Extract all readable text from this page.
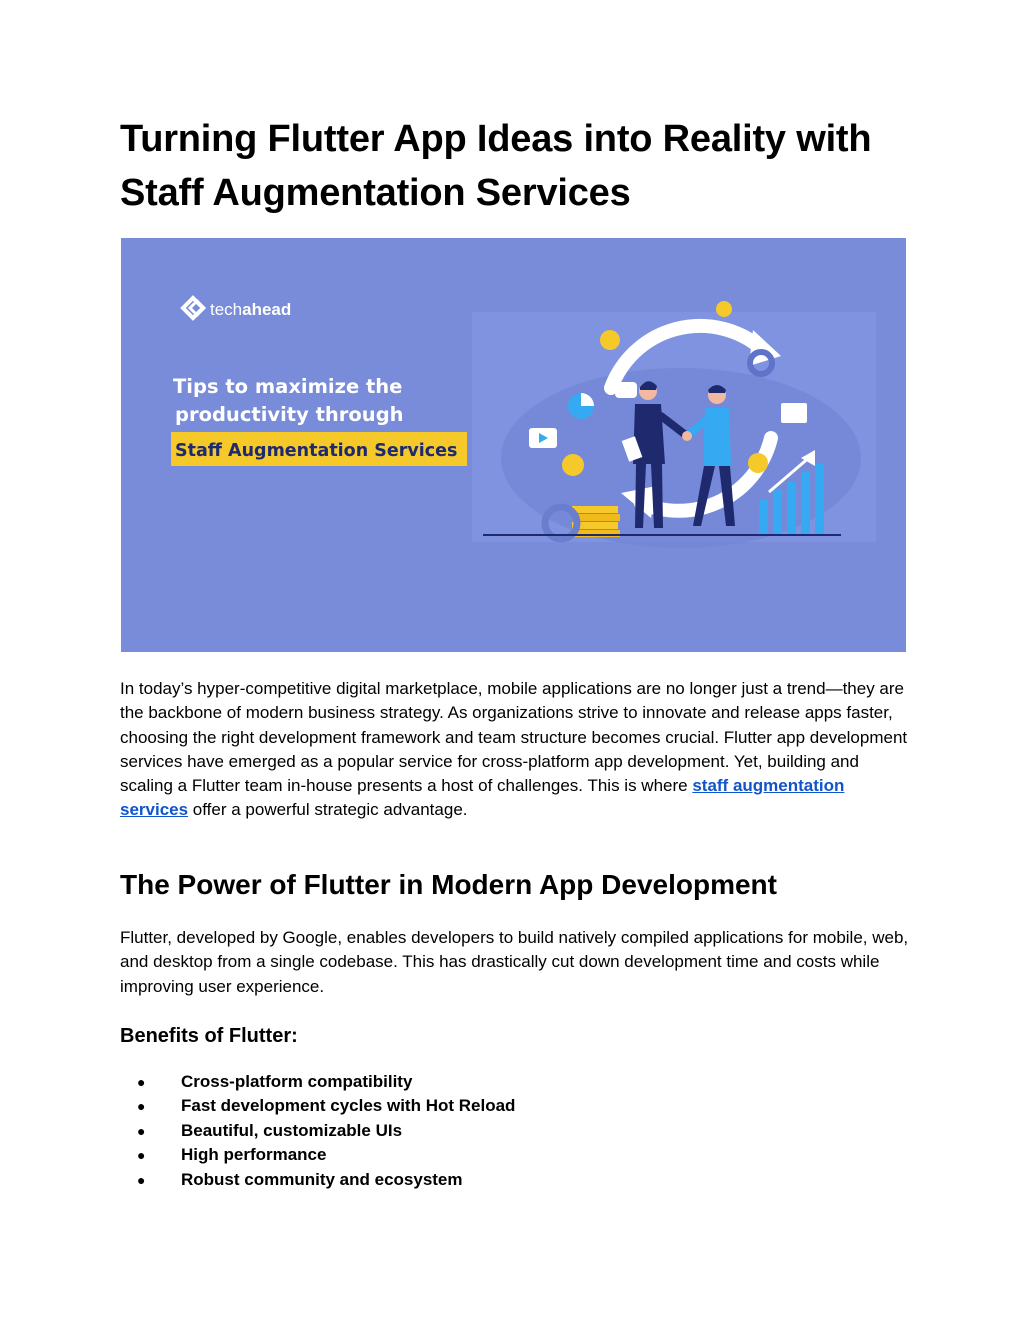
Turning Flutter App Ideas into Reality with Staff Augmentation Services
techahead
Tips to maximize the
productivity through
Staff Augmentation Services

In today’s hyper-competitive digital marketplace, mobile applications are no longer just a trend—they are the backbone of modern business strategy. As organizations strive to innovate and release apps faster, choosing the right development framework and team structure becomes crucial. Flutter app development services have emerged as a popular service for cross-platform app development. Yet, building and scaling a Flutter team in-house presents a host of challenges. This is where staff augmentation services offer a powerful strategic advantage.

The Power of Flutter in Modern App Development

Flutter, developed by Google, enables developers to build natively compiled applications for mobile, web, and desktop from a single codebase. This has drastically cut down development time and costs while improving user experience.

Benefits of Flutter:
● Cross-platform compatibility
● Fast development cycles with Hot Reload
● Beautiful, customizable UIs
● High performance
● Robust community and ecosystem
